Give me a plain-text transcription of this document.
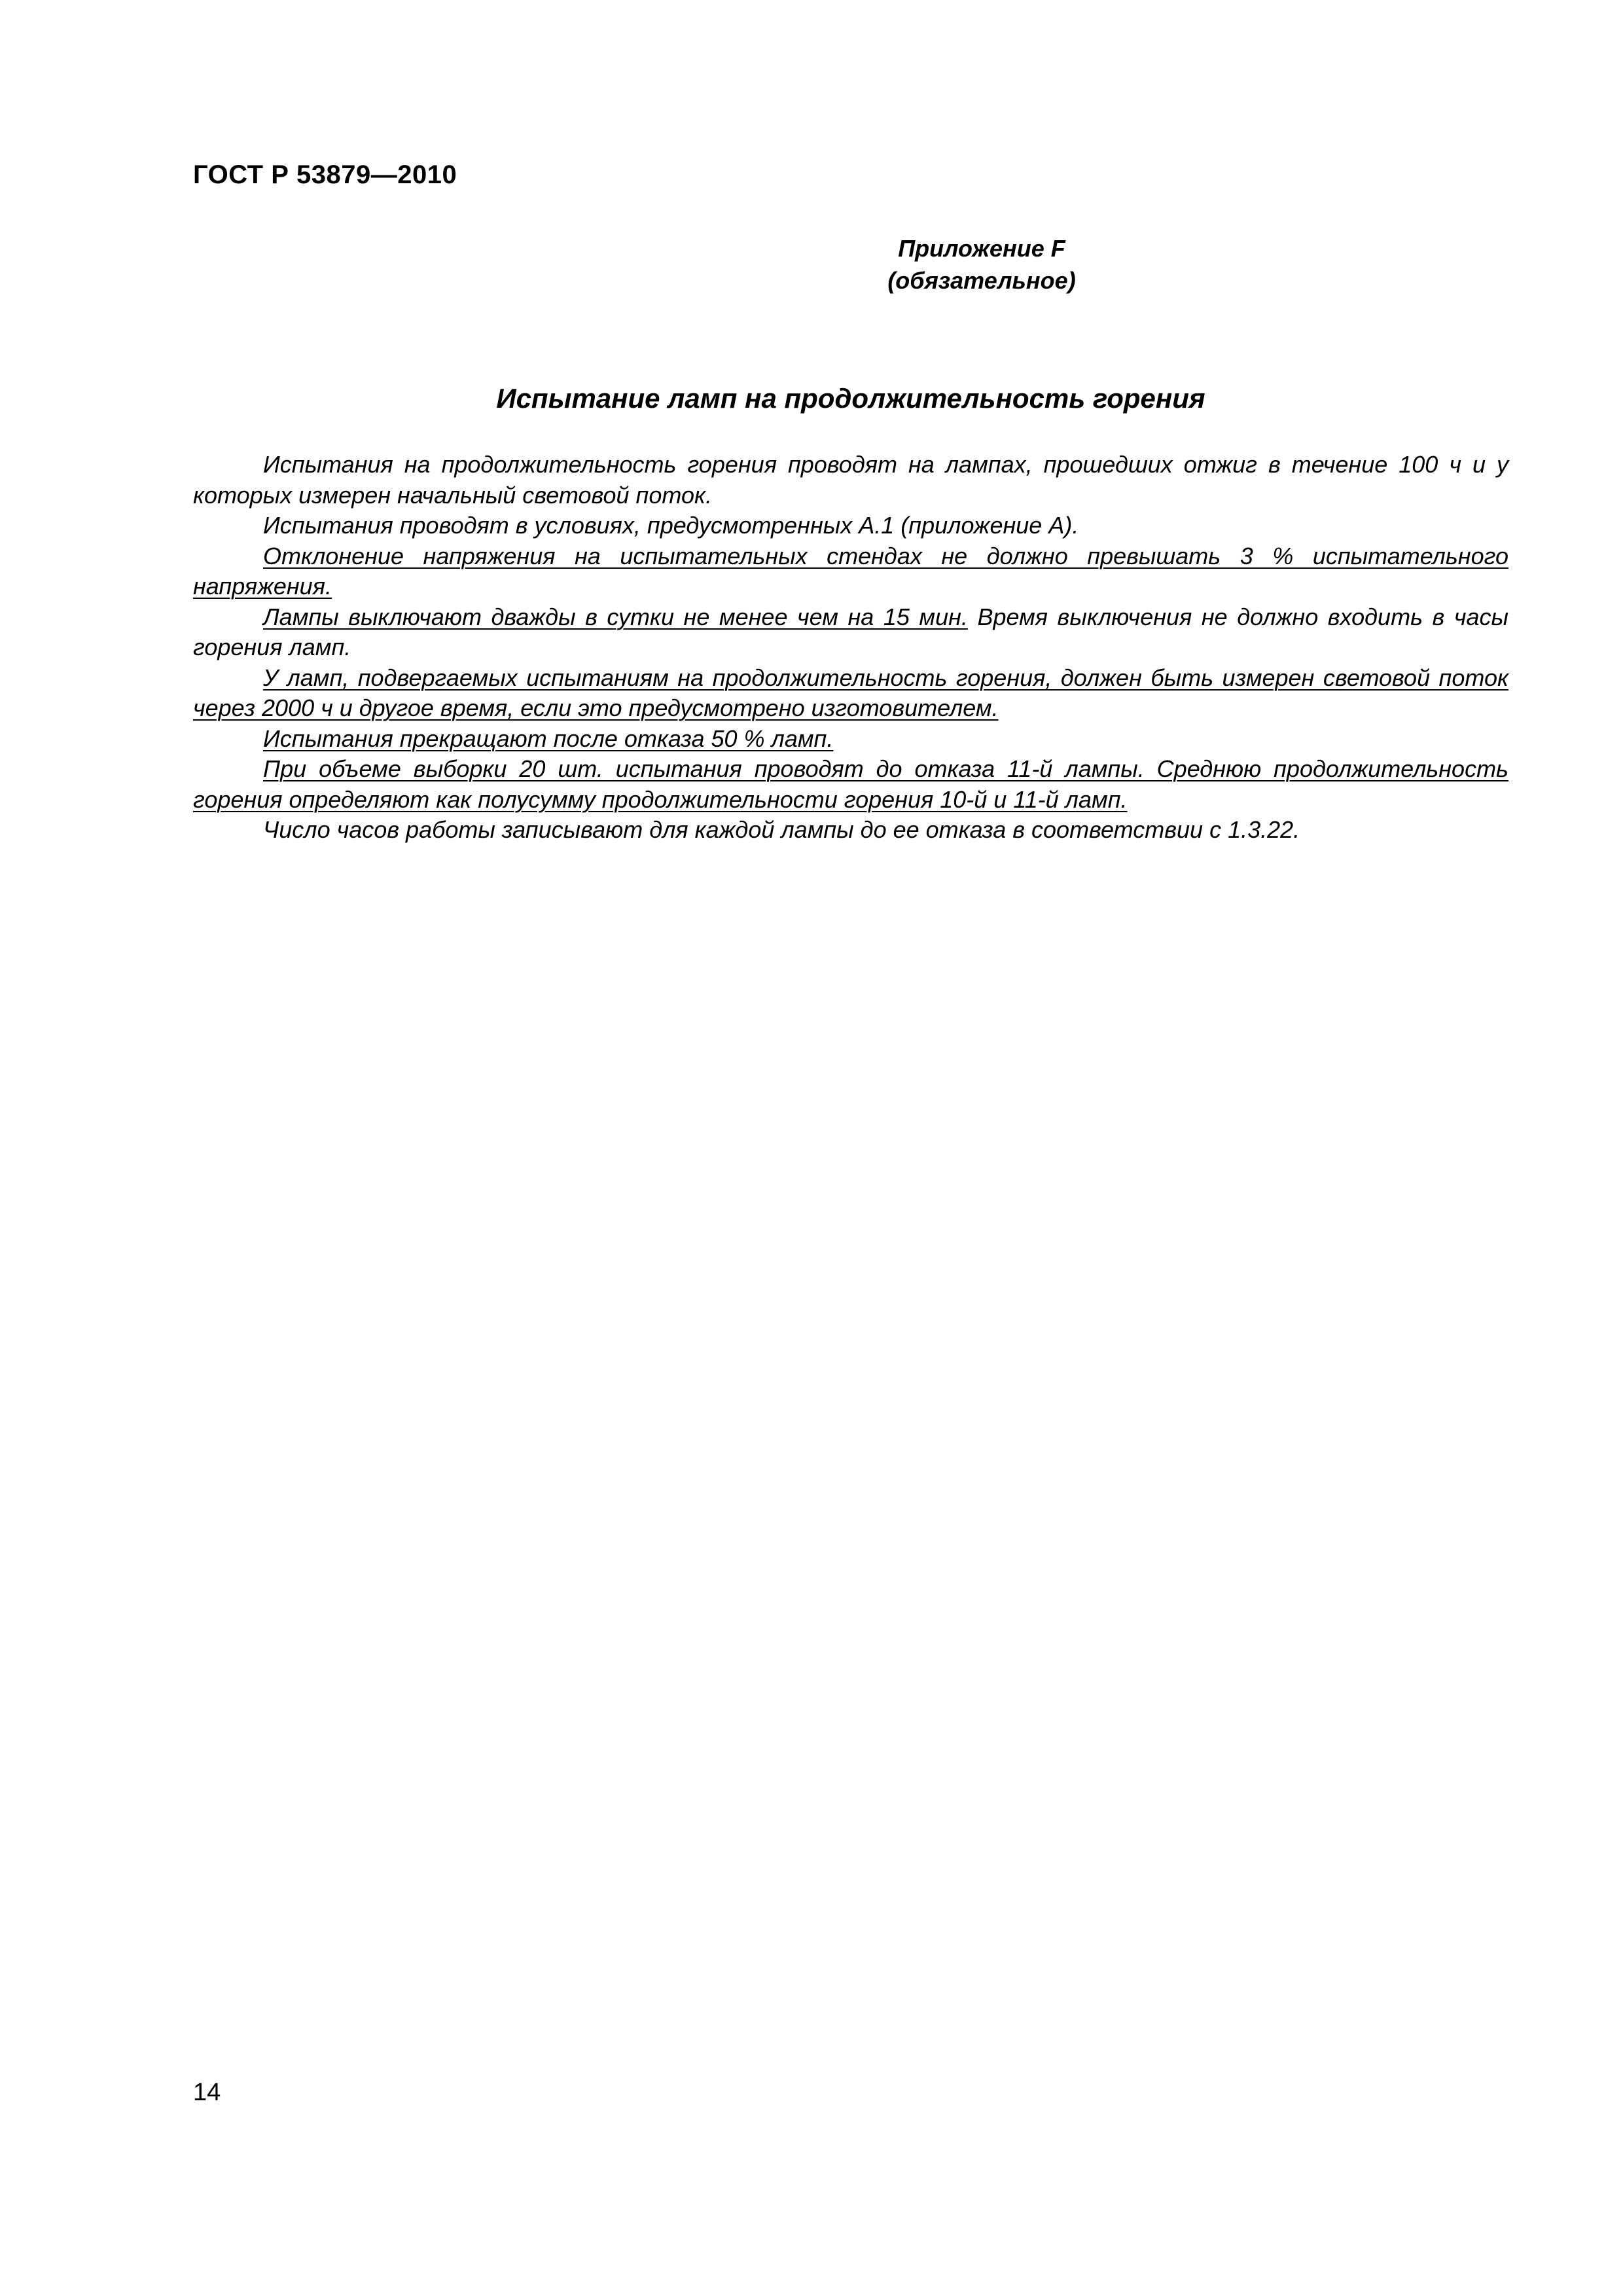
ГОСТ Р 53879—2010
Приложение F
(обязательное)
Испытание ламп на продолжительность горения

Испытания на продолжительность горения проводят на лампах, прошедших отжиг в течение 100 ч и у которых измерен начальный световой поток.

Испытания проводят в условиях, предусмотренных А.1 (приложение А).

Отклонение напряжения на испытательных стендах не должно превышать 3 % испытательного напряжения.

Лампы выключают дважды в сутки не менее чем на 15 мин. Время выключения не должно входить в часы горения ламп.

У ламп, подвергаемых испытаниям на продолжительность горения, должен быть измерен световой поток через 2000 ч и другое время, если это предусмотрено изготовителем.

Испытания прекращают после отказа 50 % ламп.

При объеме выборки 20 шт. испытания проводят до отказа 11-й лампы. Среднюю продолжительность горения определяют как полусумму продолжительности горения 10-й и 11-й ламп.

Число часов работы записывают для каждой лампы до ее отказа в соответствии с 1.3.22.

14
